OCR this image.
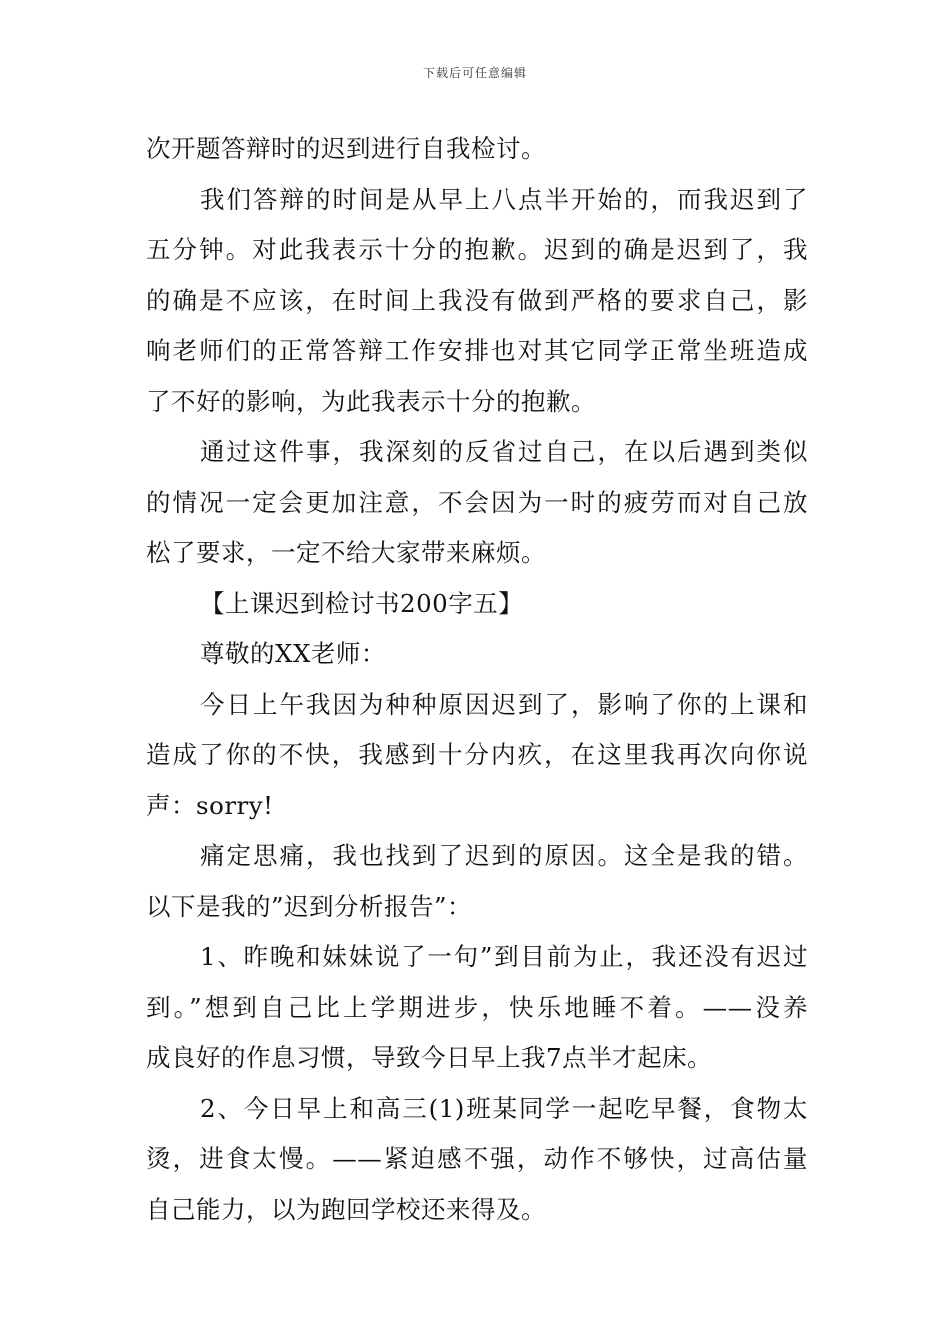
下载后可任意编辑
次开题答辩时的迟到进行自我检讨。
我们答辩的时间是从早上八点半开始的，而我迟到了
五分钟。对此我表示十分的抱歉。迟到的确是迟到了，我
的确是不应该，在时间上我没有做到严格的要求自己，影
响老师们的正常答辩工作安排也对其它同学正常坐班造成
了不好的影响，为此我表示十分的抱歉。
通过这件事，我深刻的反省过自己，在以后遇到类似
的情况一定会更加注意，不会因为一时的疲劳而对自己放
松了要求，一定不给大家带来麻烦。
【上课迟到检讨书200字五】
尊敬的XX老师：
今日上午我因为种种原因迟到了，影响了你的上课和
造成了你的不快，我感到十分内疚，在这里我再次向你说
声：sorry!
痛定思痛，我也找到了迟到的原因。这全是我的错。
以下是我的”迟到分析报告”：
1、昨晚和妹妹说了一句”到目前为止，我还没有迟过
到。”想到自己比上学期进步，快乐地睡不着。——没养
成良好的作息习惯，导致今日早上我7点半才起床。
2、今日早上和高三(1)班某同学一起吃早餐，食物太
烫，进食太慢。——紧迫感不强，动作不够快，过高估量
自己能力，以为跑回学校还来得及。
